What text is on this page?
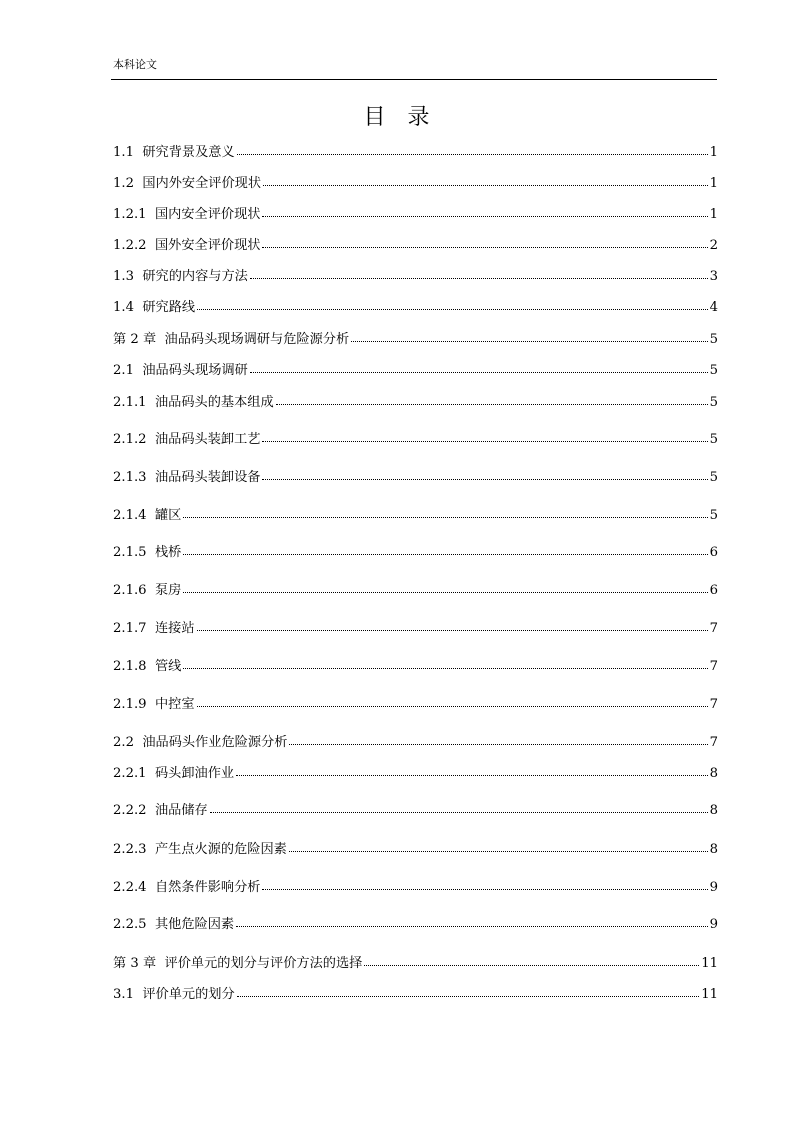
本科论文
目录
1.1  研究背景及意义	1
1.2  国内外安全评价现状	1
1.2.1  国内安全评价现状	1
1.2.2  国外安全评价现状	2
1.3  研究的内容与方法	3
1.4  研究路线	4
第 2 章  油品码头现场调研与危险源分析	5
2.1  油品码头现场调研	5
2.1.1  油品码头的基本组成	5
2.1.2  油品码头装卸工艺	5
2.1.3  油品码头装卸设备	5
2.1.4  罐区	5
2.1.5  栈桥	6
2.1.6  泵房	6
2.1.7  连接站	7
2.1.8  管线	7
2.1.9  中控室	7
2.2  油品码头作业危险源分析	7
2.2.1  码头卸油作业	8
2.2.2  油品储存	8
2.2.3  产生点火源的危险因素	8
2.2.4  自然条件影响分析	9
2.2.5  其他危险因素	9
第 3 章  评价单元的划分与评价方法的选择	11
3.1  评价单元的划分	11
